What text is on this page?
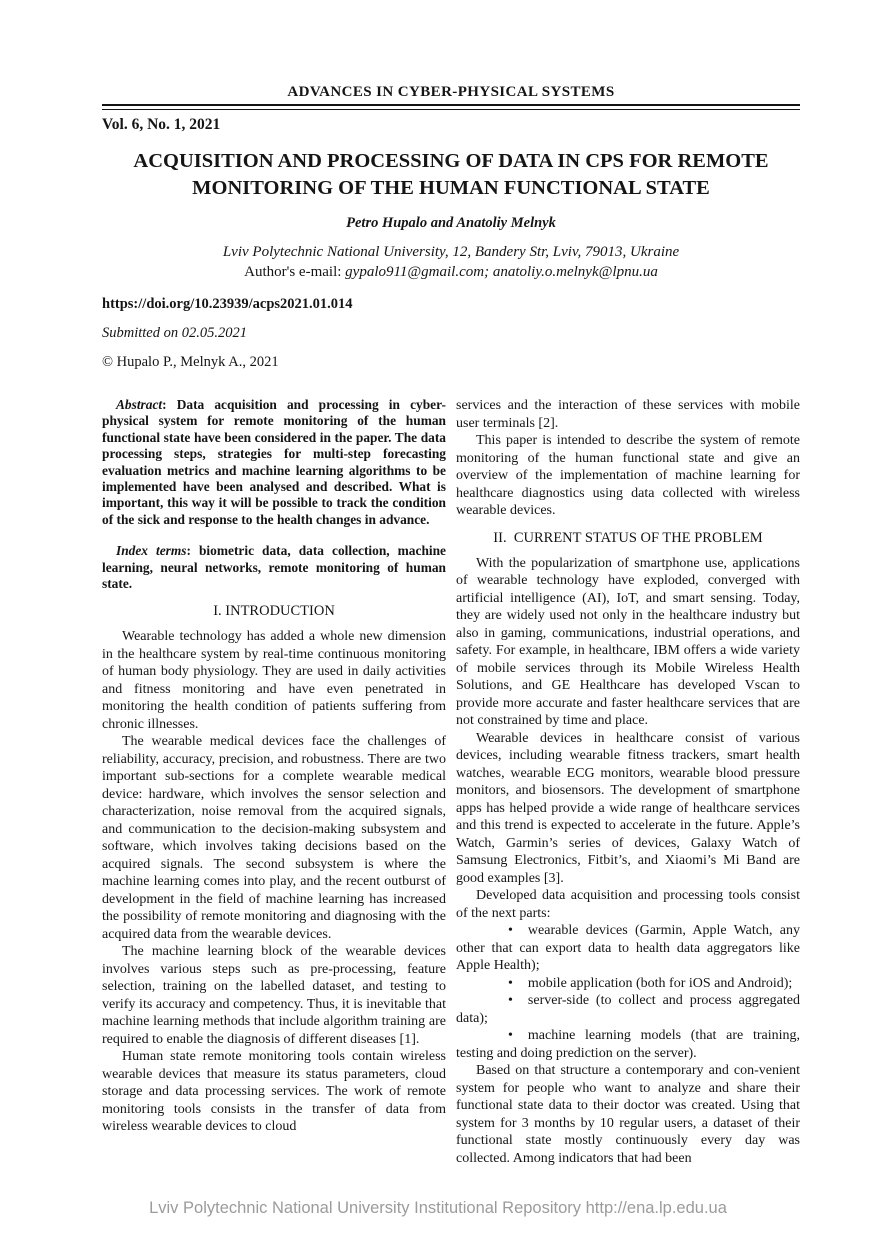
ADVANCES IN CYBER-PHYSICAL SYSTEMS
Vol. 6, No. 1, 2021
ACQUISITION AND PROCESSING OF DATA IN CPS FOR REMOTE MONITORING OF THE HUMAN FUNCTIONAL STATE
Petro Hupalo and Anatoliy Melnyk
Lviv Polytechnic National University, 12, Bandery Str, Lviv, 79013, Ukraine
Author's e-mail: gypalo911@gmail.com; anatoliy.o.melnyk@lpnu.ua
https://doi.org/10.23939/acps2021.01.014
Submitted on 02.05.2021
© Hupalo P., Melnyk A., 2021

Abstract: Data acquisition and processing in cyber-physical system for remote monitoring of the human functional state have been considered in the paper. The data processing steps, strategies for multi-step forecasting evaluation metrics and machine learning algorithms to be implemented have been analysed and described. What is important, this way it will be possible to track the condition of the sick and response to the health changes in advance.

Index terms: biometric data, data collection, machine learning, neural networks, remote monitoring of human state.

I. INTRODUCTION

Wearable technology has added a whole new dimension in the healthcare system by real-time continuous monitoring of human body physiology. They are used in daily activities and fitness monitoring and have even penetrated in monitoring the health condition of patients suffering from chronic illnesses.

The wearable medical devices face the challenges of reliability, accuracy, precision, and robustness. There are two important sub-sections for a complete wearable medical device: hardware, which involves the sensor selection and characterization, noise removal from the acquired signals, and communication to the decision-making subsystem and software, which involves taking decisions based on the acquired signals. The second subsystem is where the machine learning comes into play, and the recent outburst of development in the field of machine learning has increased the possibility of remote monitoring and diagnosing with the acquired data from the wearable devices.

The machine learning block of the wearable devices involves various steps such as pre-processing, feature selection, training on the labelled dataset, and testing to verify its accuracy and competency. Thus, it is inevitable that machine learning methods that include algorithm training are required to enable the diagnosis of different diseases [1].

Human state remote monitoring tools contain wireless wearable devices that measure its status parameters, cloud storage and data processing services. The work of remote monitoring tools consists in the transfer of data from wireless wearable devices to cloud

services and the interaction of these services with mobile user terminals [2].

This paper is intended to describe the system of remote monitoring of the human functional state and give an overview of the implementation of machine learning for healthcare diagnostics using data collected with wireless wearable devices.

II.  CURRENT STATUS OF THE PROBLEM

With the popularization of smartphone use, applications of wearable technology have exploded, converged with artificial intelligence (AI), IoT, and smart sensing. Today, they are widely used not only in the healthcare industry but also in gaming, communications, industrial operations, and safety. For example, in healthcare, IBM offers a wide variety of mobile services through its Mobile Wireless Health Solutions, and GE Healthcare has developed Vscan to provide more accurate and faster healthcare services that are not constrained by time and place.

Wearable devices in healthcare consist of various devices, including wearable fitness trackers, smart health watches, wearable ECG monitors, wearable blood pressure monitors, and biosensors. The development of smartphone apps has helped provide a wide range of healthcare services and this trend is expected to accelerate in the future. Apple’s Watch, Garmin’s series of devices, Galaxy Watch of Samsung Electronics, Fitbit’s, and Xiaomi’s Mi Band are good examples [3].

Developed data acquisition and processing tools consist of the next parts:

• wearable devices (Garmin, Apple Watch, any other that can export data to health data aggregators like Apple Health);

• mobile application (both for iOS and Android);

• server-side (to collect and process aggregated data);

• machine learning models (that are training, testing and doing prediction on the server).

Based on that structure a contemporary and con-venient system for people who want to analyze and share their functional state data to their doctor was created. Using that system for 3 months by 10 regular users, a dataset of their functional state mostly continuously every day was collected. Among indicators that had been

Lviv Polytechnic National University Institutional Repository http://ena.lp.edu.ua
